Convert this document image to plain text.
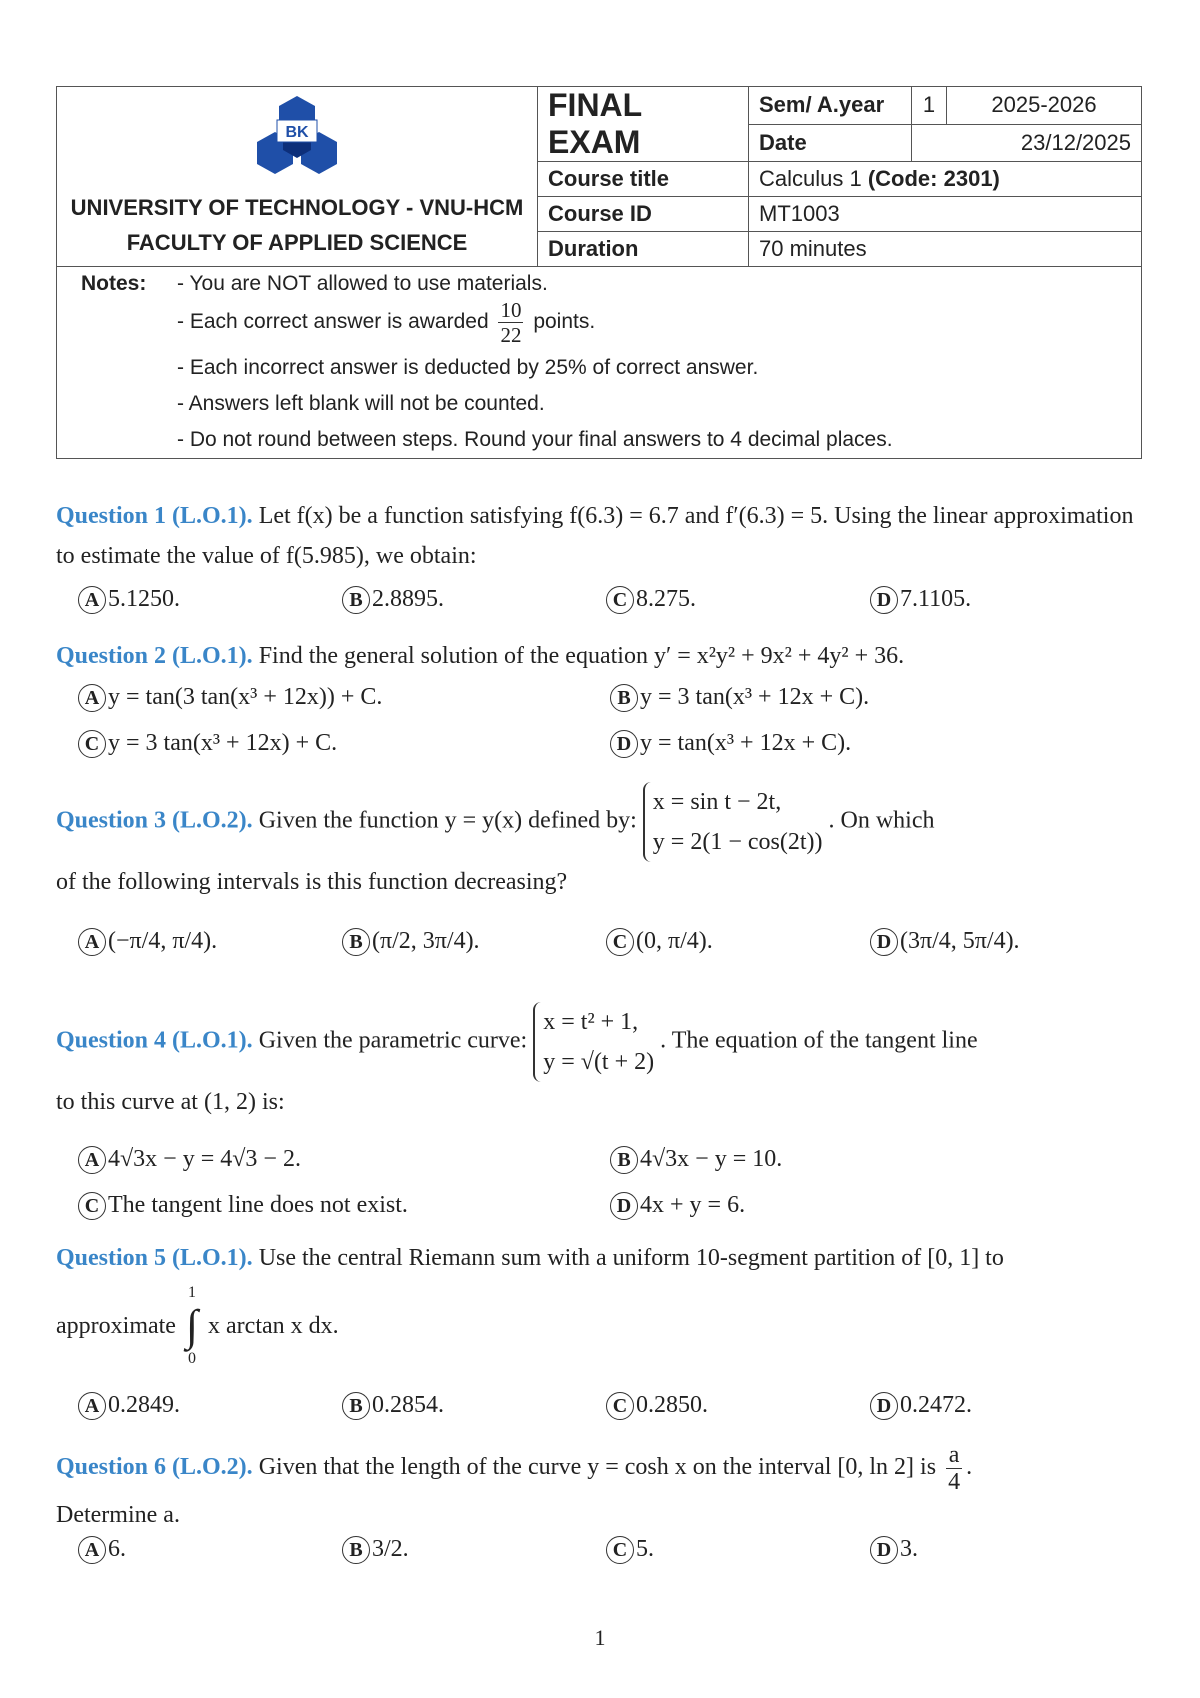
BK
UNIVERSITY OF TECHNOLOGY - VNU-HCM
FACULTY OF APPLIED SCIENCE	FINAL EXAM	Sem/ A.year	1	2025-2026
		Date	23/12/2025	
	Course title	Calculus 1 (Code: 2301)		
	Course ID	MT1003		
	Duration	70 minutes		
Notes: - You are NOT allowed to use materials.
- Each correct answer is awarded $\frac{10}{22}$ points.
- Each incorrect answer is deducted by 25% of correct answer.
- Answers left blank will not be counted.
- Do not round between steps. Round your final answers to 4 decimal places.
Question 1 (L.O.1). Let f(x) be a function satisfying f(6.3) = 6.7 and f′(6.3) = 5. Using the linear approximation to estimate the value of f(5.985), we obtain:
A 5.1250.	B 2.8895.	C 8.275.	D 7.1105.
Question 2 (L.O.1). Find the general solution of the equation y′ = x²y² + 9x² + 4y² + 36.
A y = tan(3 tan(x³ + 12x)) + C.	B y = 3 tan(x³ + 12x + C).
C y = 3 tan(x³ + 12x) + C.	D y = tan(x³ + 12x + C).
Question 3 (L.O.2). Given the function y = y(x) defined by: x = sin t − 2t,
y = 2(1 − cos(2t)) . On which
of the following intervals is this function decreasing?
A (−π/4, π/4).	B (π/2, 3π/4).	C (0, π/4).	D (3π/4, 5π/4).
Question 4 (L.O.1). Given the parametric curve: x = t² + 1,
y = √(t + 2) . The equation of the tangent line
to this curve at (1, 2) is:
A 4√3x − y = 4√3 − 2.	B 4√3x − y = 10.
C The tangent line does not exist.	D 4x + y = 6.
Question 5 (L.O.1). Use the central Riemann sum with a uniform 10-segment partition of [0, 1] to
approximate
1
∫
0
x arctan x dx.
A 0.2849.	B 0.2854.	C 0.2850.	D 0.2472.
Question 6 (L.O.2). Given that the length of the curve y = cosh x on the interval [0, ln 2] is $\frac{a}{4}$ .
Determine a.
A 6.	B 3/2.	C 5.	D 3.
1
